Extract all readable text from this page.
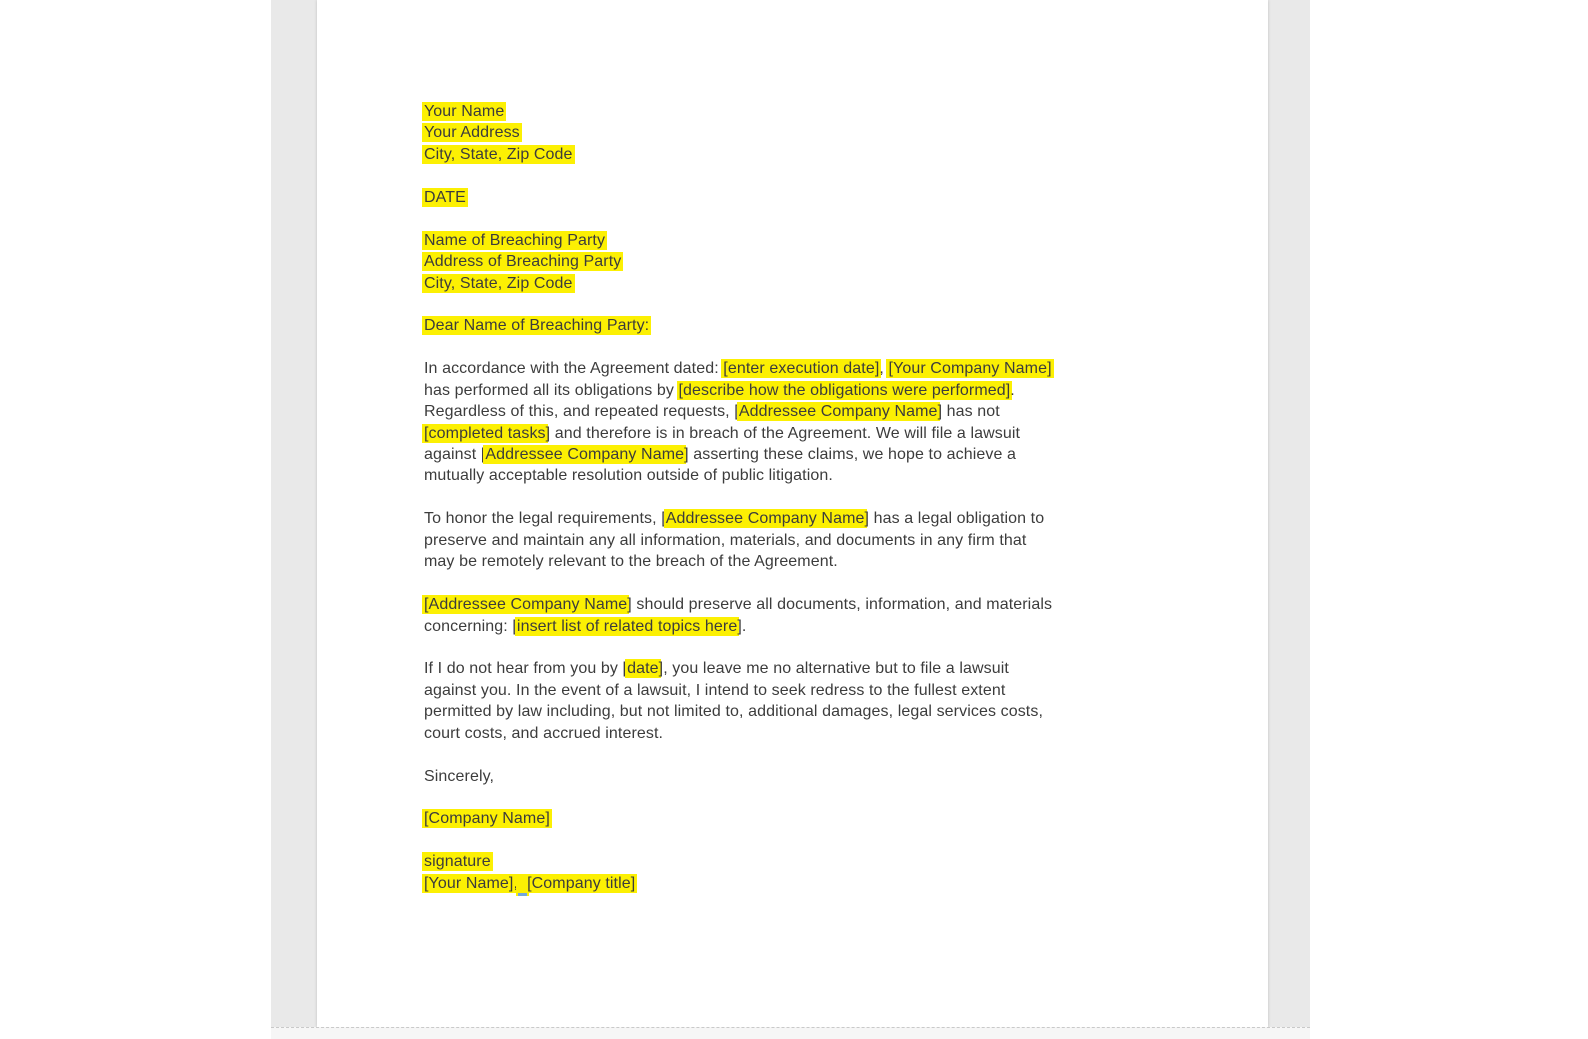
Your Name
Your Address
City, State, Zip Code
DATE
Name of Breaching Party
Address of Breaching Party
City, State, Zip Code
Dear Name of Breaching Party:
In accordance with the Agreement dated: [enter execution date], [Your Company Name]
has performed all its obligations by [describe how the obligations were performed].
Regardless of this, and repeated requests, [Addressee Company Name] has not
[completed tasks] and therefore is in breach of the Agreement. We will file a lawsuit
against [Addressee Company Name] asserting these claims, we hope to achieve a
mutually acceptable resolution outside of public litigation.
To honor the legal requirements, [Addressee Company Name] has a legal obligation to
preserve and maintain any all information, materials, and documents in any firm that
may be remotely relevant to the breach of the Agreement.
[Addressee Company Name] should preserve all documents, information, and materials
concerning: [insert list of related topics here].
If I do not hear from you by [date], you leave me no alternative but to file a lawsuit
against you. In the event of a lawsuit, I intend to seek redress to the fullest extent
permitted by law including, but not limited to, additional damages, legal services costs,
court costs, and accrued interest.
Sincerely,
[Company Name]
signature
[Your Name], [Company title]
